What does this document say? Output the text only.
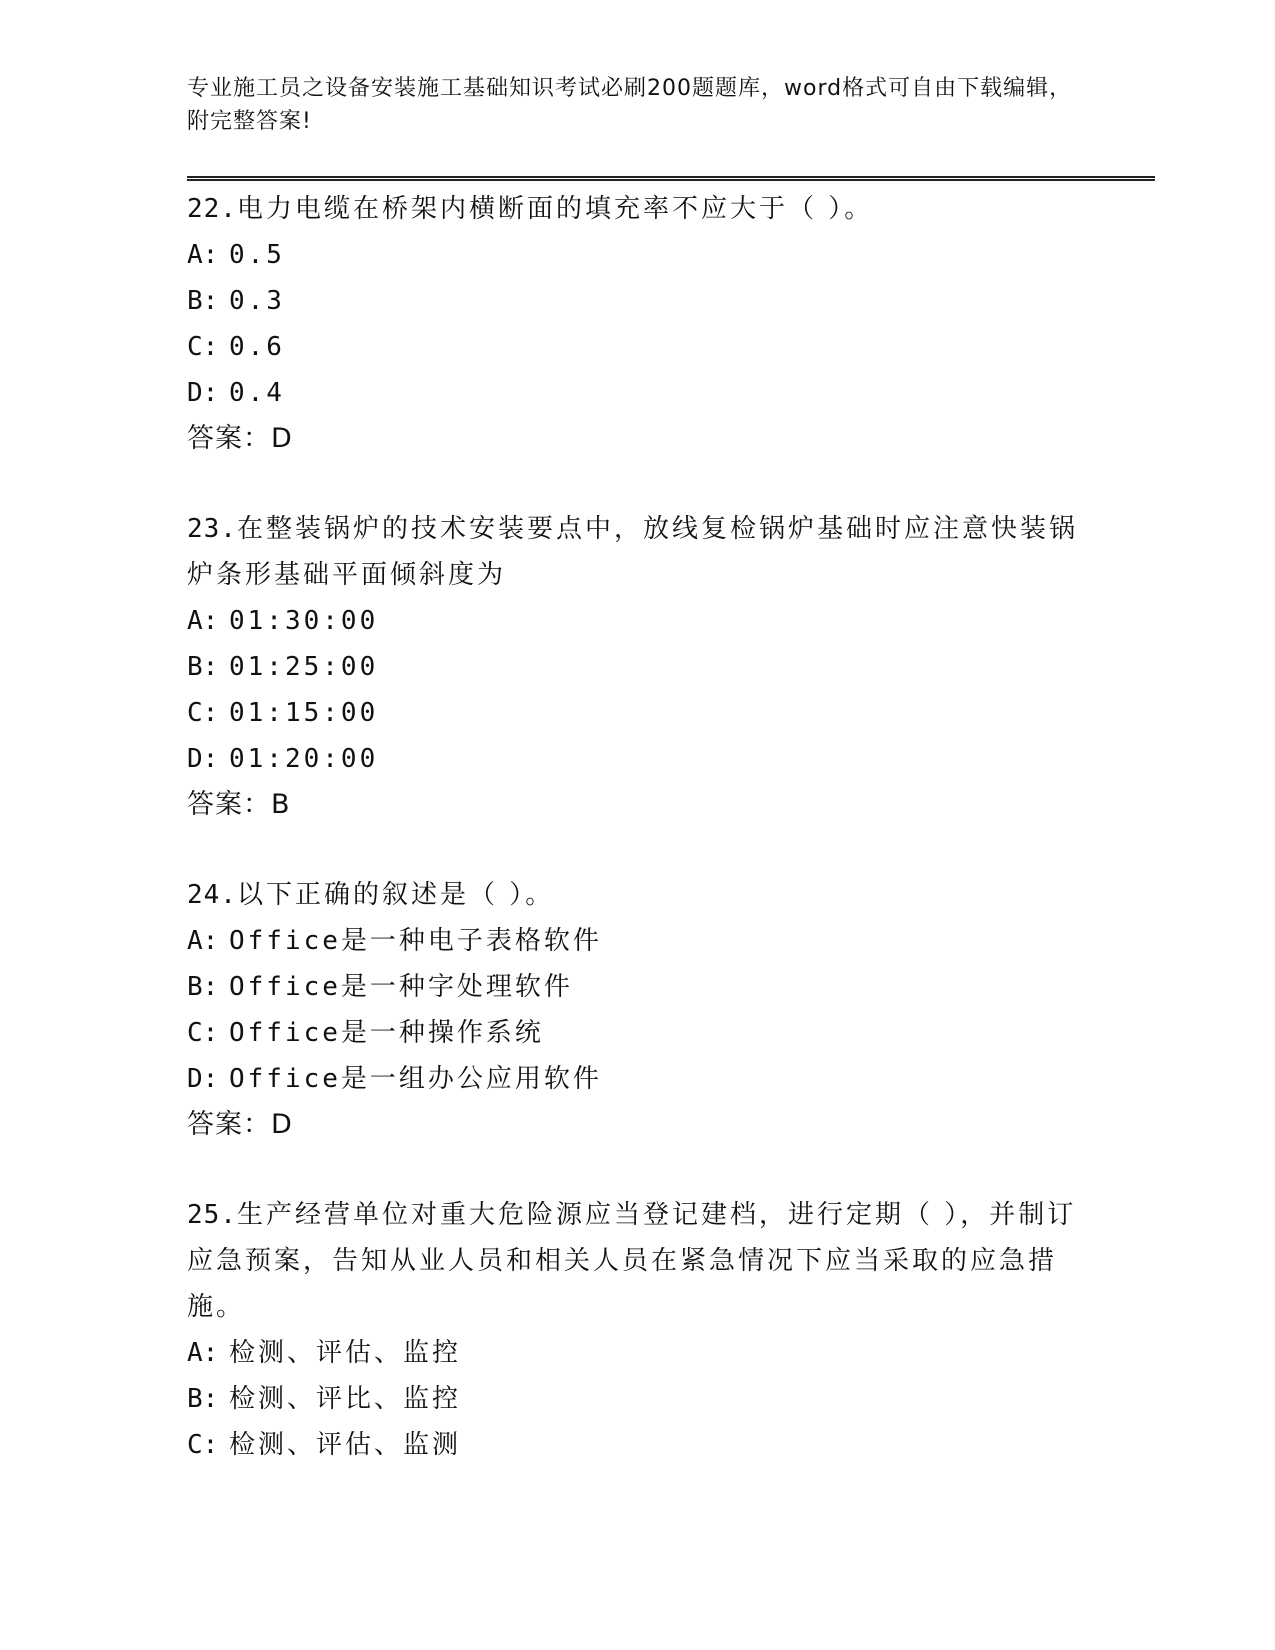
专业施工员之设备安装施工基础知识考试必刷200题题库，word格式可自由下载编辑，附完整答案!
22.电力电缆在桥架内横断面的填充率不应大于（ ）。
A: 0.5
B: 0.3
C: 0.6
D: 0.4
答案：D
23.在整装锅炉的技术安装要点中，放线复检锅炉基础时应注意快装锅炉条形基础平面倾斜度为
A: 01:30:00
B: 01:25:00
C: 01:15:00
D: 01:20:00
答案：B
24.以下正确的叙述是（ ）。
A: Office是一种电子表格软件
B: Office是一种字处理软件
C: Office是一种操作系统
D: Office是一组办公应用软件
答案：D
25.生产经营单位对重大危险源应当登记建档，进行定期（ ），并制订应急预案，告知从业人员和相关人员在紧急情况下应当采取的应急措施。
A: 检测、评估、监控
B: 检测、评比、监控
C: 检测、评估、监测
